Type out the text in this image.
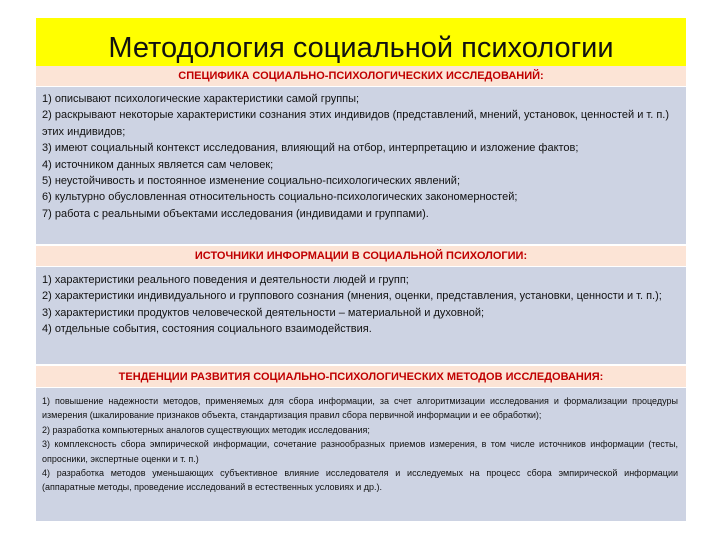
Методология социальной психологии
СПЕЦИФИКА СОЦИАЛЬНО-ПСИХОЛОГИЧЕСКИХ ИССЛЕДОВАНИЙ:
1) описывают психологические характеристики самой группы;
2) раскрывают некоторые характеристики сознания этих индивидов (представлений, мнений, установок, ценностей и т. п.) этих индивидов;
3) имеют социальный контекст исследования, влияющий на отбор, интерпретацию и изложение фактов;
4) источником данных является сам человек;
5) неустойчивость и постоянное изменение социально-психологических явлений;
6) культурно обусловленная относительность социально-психологических закономерностей;
7) работа с реальными объектами исследования (индивидами и группами).
ИСТОЧНИКИ ИНФОРМАЦИИ В СОЦИАЛЬНОЙ ПСИХОЛОГИИ:
1) характеристики реального поведения и деятельности людей и групп;
2) характеристики индивидуального и группового сознания (мнения, оценки, представления, установки, ценности и т. п.);
3) характеристики продуктов человеческой деятельности – материальной и духовной;
4) отдельные события, состояния социального взаимодействия.
ТЕНДЕНЦИИ РАЗВИТИЯ СОЦИАЛЬНО-ПСИХОЛОГИЧЕСКИХ МЕТОДОВ ИССЛЕДОВАНИЯ:
1) повышение надежности методов, применяемых для сбора информации, за счет алгоритмизации исследования и формализации процедуры измерения (шкалирование признаков объекта, стандартизация правил сбора первичной информации и ее обработки);
2) разработка компьютерных аналогов существующих методик исследования;
3) комплексность сбора эмпирической информации, сочетание разнообразных приемов измерения, в том числе источников информации (тесты, опросники, экспертные оценки и т. п.)
4) разработка методов уменьшающих субъективное влияние исследователя и исследуемых на процесс сбора эмпирической информации (аппаратные методы, проведение исследований в естественных условиях и др.).
